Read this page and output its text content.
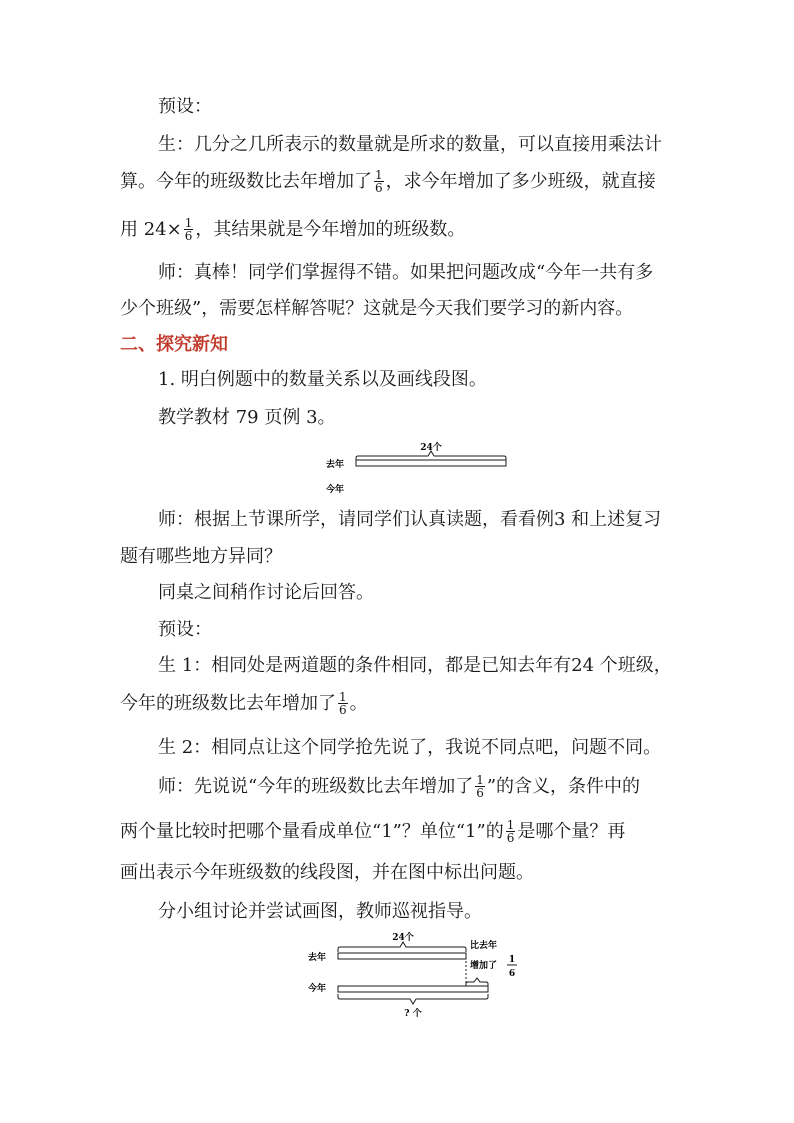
预设：
生：几分之几所表示的数量就是所求的数量，可以直接用乘法计
算。今年的班级数比去年增加了 $\frac{1}{6}$ ，求今年增加了多少班级，就直接
用 $24\times \frac{1}{6}$ ，其结果就是今年增加的班级数。
师：真棒！同学们掌握得不错。如果把问题改成“今年一共有多
少个班级”，需要怎样解答呢？这就是今天我们要学习的新内容。
二、探究新知
1. 明白例题中的数量关系以及画线段图。
教学教材 79 页例 3。
24个
去年
今年
师：根据上节课所学，请同学们认真读题，看看例3 和上述复习
题有哪些地方异同？
同桌之间稍作讨论后回答。
预设：
生 1：相同处是两道题的条件相同，都是已知去年有24 个班级，
今年的班级数比去年增加了 $\frac{1}{6}$ 。
生 2：相同点让这个同学抢先说了，我说不同点吧，问题不同。
师：先说说“今年的班级数比去年增加了 $\frac{1}{6}$ ”的含义，条件中的
两个量比较时把哪个量看成单位“1”？单位“1”的 $\frac{1}{6}$ 是哪个量？再
画出表示今年班级数的线段图，并在图中标出问题。
分小组讨论并尝试画图，教师巡视指导。
24个
去年
比去年
增加了
1
6
今年
? 个
